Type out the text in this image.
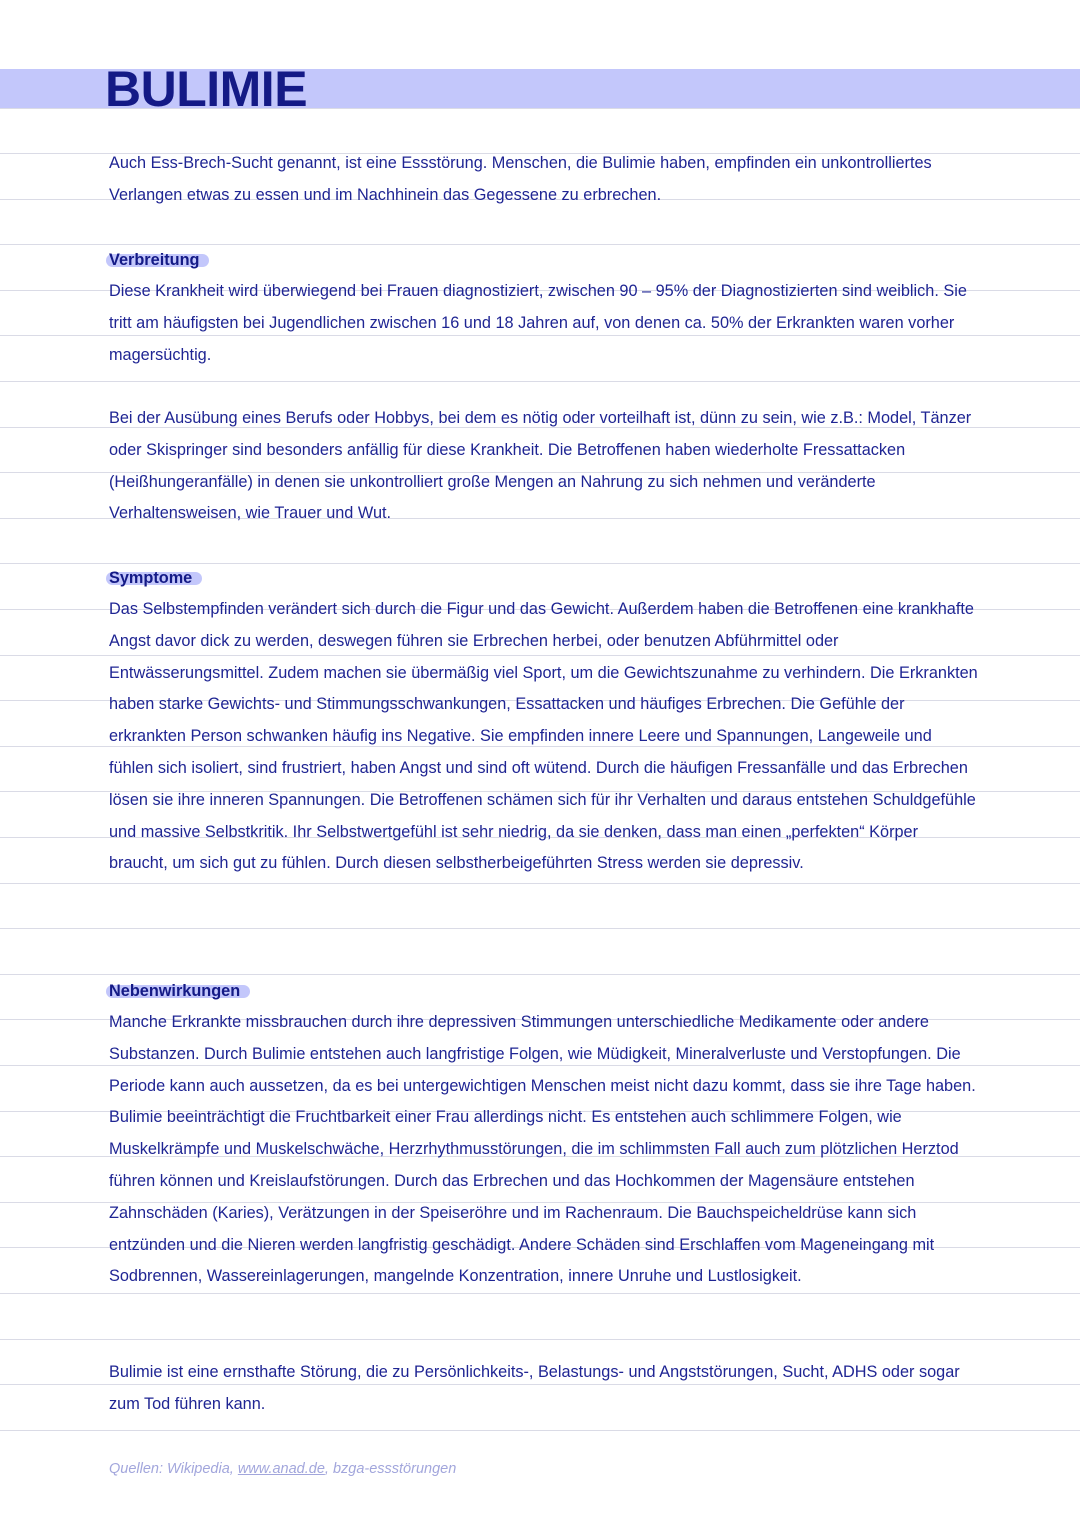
BULIMIE

Auch Ess-Brech-Sucht genannt, ist eine Essstörung. Menschen, die Bulimie haben, empfinden ein unkontrolliertes Verlangen etwas zu essen und im Nachhinein das Gegessene zu erbrechen.

Verbreitung

Diese Krankheit wird überwiegend bei Frauen diagnostiziert, zwischen 90 – 95% der Diagnostizierten sind weiblich. Sie tritt am häufigsten bei Jugendlichen zwischen 16 und 18 Jahren auf, von denen ca. 50% der Erkrankten waren vorher magersüchtig.

Bei der Ausübung eines Berufs oder Hobbys, bei dem es nötig oder vorteilhaft ist, dünn zu sein, wie z.B.: Model, Tänzer oder Skispringer sind besonders anfällig für diese Krankheit. Die Betroffenen haben wiederholte Fressattacken (Heißhungeranfälle) in denen sie unkontrolliert große Mengen an Nahrung zu sich nehmen und veränderte Verhaltensweisen, wie Trauer und Wut.

Symptome

Das Selbstempfinden verändert sich durch die Figur und das Gewicht. Außerdem haben die Betroffenen eine krankhafte Angst davor dick zu werden, deswegen führen sie Erbrechen herbei, oder benutzen Abführmittel oder Entwässerungsmittel. Zudem machen sie übermäßig viel Sport, um die Gewichtszunahme zu verhindern. Die Erkrankten haben starke Gewichts- und Stimmungsschwankungen, Essattacken und häufiges Erbrechen. Die Gefühle der erkrankten Person schwanken häufig ins Negative. Sie empfinden innere Leere und Spannungen, Langeweile und fühlen sich isoliert, sind frustriert, haben Angst und sind oft wütend. Durch die häufigen Fressanfälle und das Erbrechen lösen sie ihre inneren Spannungen. Die Betroffenen schämen sich für ihr Verhalten und daraus entstehen Schuldgefühle und massive Selbstkritik. Ihr Selbstwertgefühl ist sehr niedrig, da sie denken, dass man einen „perfekten“ Körper braucht, um sich gut zu fühlen. Durch diesen selbstherbeigeführten Stress werden sie depressiv.

Nebenwirkungen

Manche Erkrankte missbrauchen durch ihre depressiven Stimmungen unterschiedliche Medikamente oder andere Substanzen. Durch Bulimie entstehen auch langfristige Folgen, wie Müdigkeit, Mineralverluste und Verstopfungen. Die Periode kann auch aussetzen, da es bei untergewichtigen Menschen meist nicht dazu kommt, dass sie ihre Tage haben. Bulimie beeinträchtigt die Fruchtbarkeit einer Frau allerdings nicht. Es entstehen auch schlimmere Folgen, wie Muskelkrämpfe und Muskelschwäche, Herzrhythmusstörungen, die im schlimmsten Fall auch zum plötzlichen Herztod führen können und Kreislaufstörungen. Durch das Erbrechen und das Hochkommen der Magensäure entstehen Zahnschäden (Karies), Verätzungen in der Speiseröhre und im Rachenraum. Die Bauchspeicheldrüse kann sich entzünden und die Nieren werden langfristig geschädigt. Andere Schäden sind Erschlaffen vom Mageneingang mit Sodbrennen, Wassereinlagerungen, mangelnde Konzentration, innere Unruhe und Lustlosigkeit.

Bulimie ist eine ernsthafte Störung, die zu Persönlichkeits-, Belastungs- und Angststörungen, Sucht, ADHS oder sogar zum Tod führen kann.

Quellen: Wikipedia, www.anad.de, bzga-essstörungen
